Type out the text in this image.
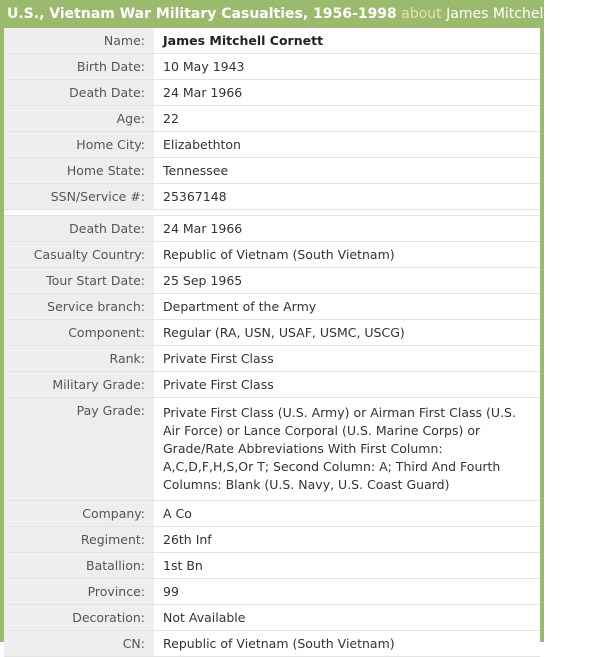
U.S., Vietnam War Military Casualties, 1956-1998 about James Mitchell Cornett
Name:	James Mitchell Cornett
Birth Date:	10 May 1943
Death Date:	24 Mar 1966
Age:	22
Home City:	Elizabethton
Home State:	Tennessee
SSN/Service #:	25367148

Death Date:	24 Mar 1966
Casualty Country:	Republic of Vietnam (South Vietnam)
Tour Start Date:	25 Sep 1965
Service branch:	Department of the Army
Component:	Regular (RA, USN, USAF, USMC, USCG)
Rank:	Private First Class
Military Grade:	Private First Class
Pay Grade:	Private First Class (U.S. Army) or Airman First Class (U.S. Air Force) or Lance Corporal (U.S. Marine Corps) or Grade/Rate Abbreviations With First Column: A,C,D,F,H,S,Or T; Second Column: A; Third And Fourth Columns: Blank (U.S. Navy, U.S. Coast Guard)
Company:	A Co
Regiment:	26th Inf
Batallion:	1st Bn
Province:	99
Decoration:	Not Available
CN:	Republic of Vietnam (South Vietnam)
